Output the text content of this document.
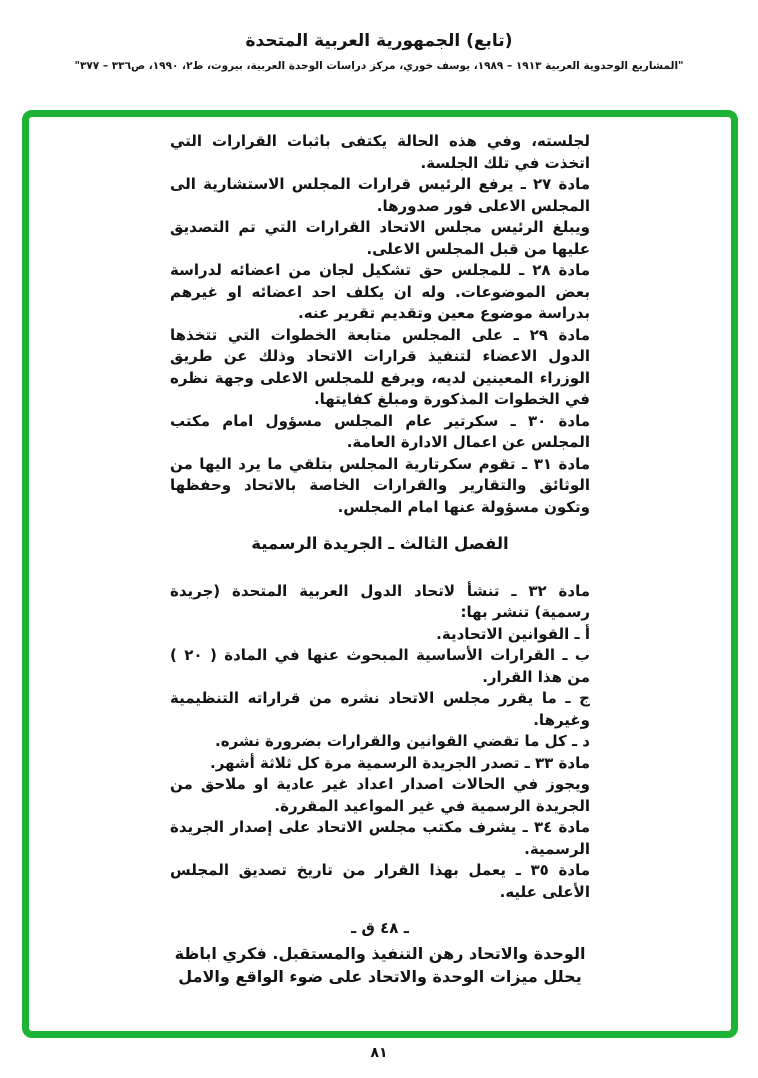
(تابع) الجمهورية العربية المتحدة
"المشاريع الوحدوية العربية ١٩١٣ – ١٩٨٩، يوسف خوري، مركز دراسات الوحدة العربية، بيروت، ط٢، ١٩٩٠، ص٣٣٦ – ٣٧٧"

لجلسته، وفي هذه الحالة يكتفى باثبات القرارات التي اتخذت في تلك الجلسة.

مادة ٢٧ ـ يرفع الرئيس قرارات المجلس الاستشارية الى المجلس الاعلى فور صدورها.

ويبلغ الرئيس مجلس الاتحاد القرارات التي تم التصديق عليها من قبل المجلس الاعلى.

مادة ٢٨ ـ للمجلس حق تشكيل لجان من اعضائه لدراسة بعض الموضوعات. وله ان يكلف احد اعضائه او غيرهم بدراسة موضوع معين وتقديم تقرير عنه.

مادة ٢٩ ـ على المجلس متابعة الخطوات التي تتخذها الدول الاعضاء لتنفيذ قرارات الاتحاد وذلك عن طريق الوزراء المعينين لديه، ويرفع للمجلس الاعلى وجهة نظره في الخطوات المذكورة ومبلغ كفايتها.

مادة ٣٠ ـ سكرتير عام المجلس مسؤول امام مكتب المجلس عن اعمال الادارة العامة.

مادة ٣١ ـ تقوم سكرتارية المجلس بتلقي ما يرد اليها من الوثائق والتقارير والقرارات الخاصة بالاتحاد وحفظها وتكون مسؤولة عنها امام المجلس.

الفصل الثالث ـ الجريدة الرسمية

مادة ٣٢ ـ تنشأ لاتحاد الدول العربية المتحدة (جريدة رسمية) تنشر بها:

أ ـ القوانين الاتحادية.

ب ـ القرارات الأساسية المبحوث عنها في المادة ( ٢٠ ) من هذا القرار.

ج ـ ما يقرر مجلس الاتحاد نشره من قراراته التنظيمية وغيرها.

د ـ كل ما تقضي القوانين والقرارات بضرورة نشره.

مادة ٣٣ ـ تصدر الجريدة الرسمية مرة كل ثلاثة أشهر.

ويجوز في الحالات اصدار اعداد غير عادية او ملاحق من الجريدة الرسمية في غير المواعيد المقررة.

مادة ٣٤ ـ يشرف مكتب مجلس الاتحاد على إصدار الجريدة الرسمية.

مادة ٣٥ ـ يعمل بهذا القرار من تاريخ تصديق المجلس الأعلى عليه.

ـ ٤٨ ق ـ
الوحدة والاتحاد رهن التنفيذ والمستقبل. فكري اباظة يحلل ميزات الوحدة والاتحاد على ضوء الواقع والامل
٨١
